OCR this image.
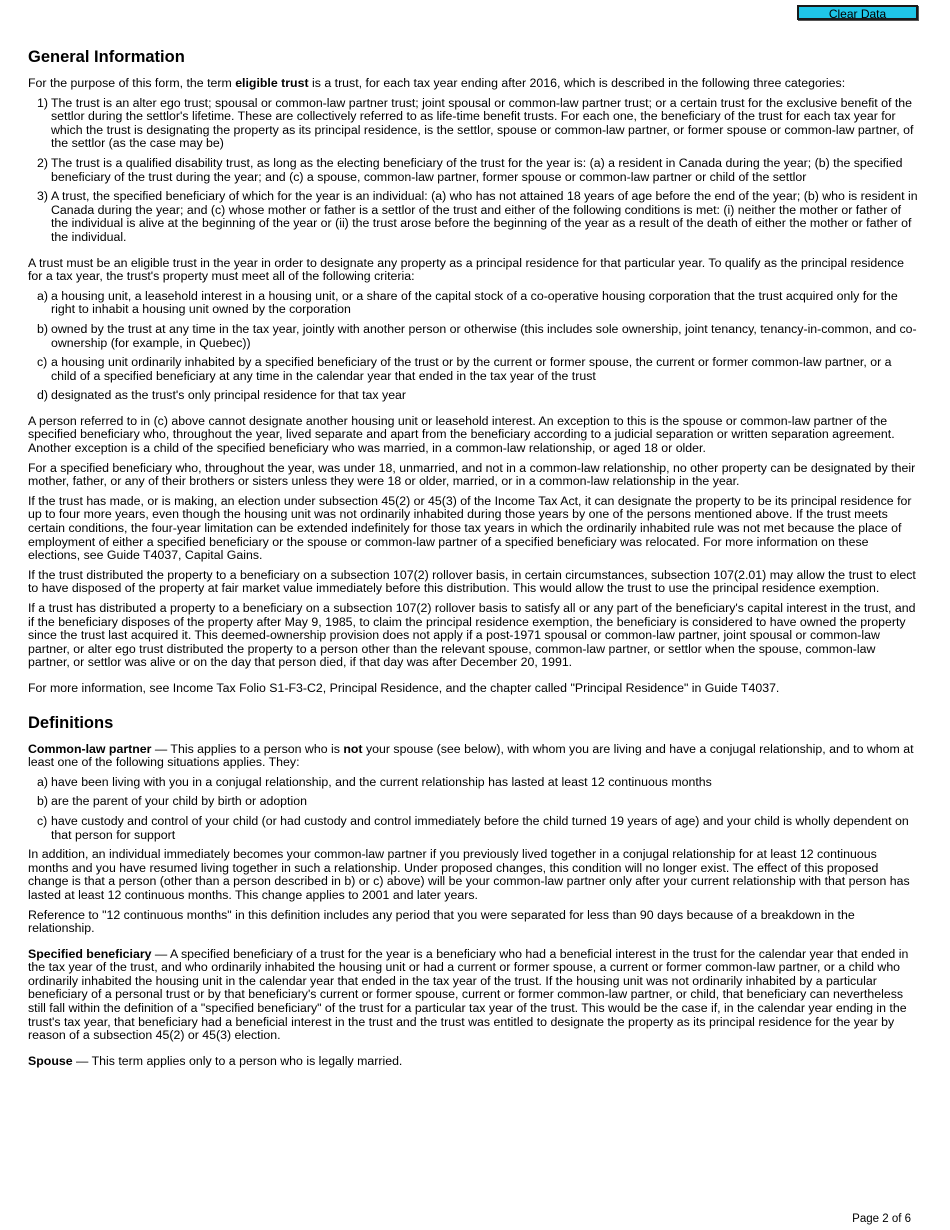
Clear Data
General Information

For the purpose of this form, the term eligible trust is a trust, for each tax year ending after 2016, which is described in the following three categories:

1) The trust is an alter ego trust; spousal or common-law partner trust; joint spousal or common-law partner trust; or a certain trust for the exclusive benefit of the settlor during the settlor's lifetime. These are collectively referred to as life-time benefit trusts. For each one, the beneficiary of the trust for each tax year for which the trust is designating the property as its principal residence, is the settlor, spouse or common-law partner, or former spouse or common-law partner, of the settlor (as the case may be)
2) The trust is a qualified disability trust, as long as the electing beneficiary of the trust for the year is: (a) a resident in Canada during the year; (b) the specified beneficiary of the trust during the year; and (c) a spouse, common-law partner, former spouse or common-law partner or child of the settlor
3) A trust, the specified beneficiary of which for the year is an individual: (a) who has not attained 18 years of age before the end of the year; (b) who is resident in Canada during the year; and (c) whose mother or father is a settlor of the trust and either of the following conditions is met: (i) neither the mother or father of the individual is alive at the beginning of the year or (ii) the trust arose before the beginning of the year as a result of the death of either the mother or father of the individual.

A trust must be an eligible trust in the year in order to designate any property as a principal residence for that particular year. To qualify as the principal residence for a tax year, the trust's property must meet all of the following criteria:

a) a housing unit, a leasehold interest in a housing unit, or a share of the capital stock of a co-operative housing corporation that the trust acquired only for the right to inhabit a housing unit owned by the corporation
b) owned by the trust at any time in the tax year, jointly with another person or otherwise (this includes sole ownership, joint tenancy, tenancy-in-common, and co-ownership (for example, in Quebec))
c) a housing unit ordinarily inhabited by a specified beneficiary of the trust or by the current or former spouse, the current or former common-law partner, or a child of a specified beneficiary at any time in the calendar year that ended in the tax year of the trust
d) designated as the trust's only principal residence for that tax year

A person referred to in (c) above cannot designate another housing unit or leasehold interest. An exception to this is the spouse or common-law partner of the specified beneficiary who, throughout the year, lived separate and apart from the beneficiary according to a judicial separation or written separation agreement. Another exception is a child of the specified beneficiary who was married, in a common-law relationship, or aged 18 or older.

For a specified beneficiary who, throughout the year, was under 18, unmarried, and not in a common-law relationship, no other property can be designated by their mother, father, or any of their brothers or sisters unless they were 18 or older, married, or in a common-law relationship in the year.

If the trust has made, or is making, an election under subsection 45(2) or 45(3) of the Income Tax Act, it can designate the property to be its principal residence for up to four more years, even though the housing unit was not ordinarily inhabited during those years by one of the persons mentioned above. If the trust meets certain conditions, the four-year limitation can be extended indefinitely for those tax years in which the ordinarily inhabited rule was not met because the place of employment of either a specified beneficiary or the spouse or common-law partner of a specified beneficiary was relocated. For more information on these elections, see Guide T4037, Capital Gains.

If the trust distributed the property to a beneficiary on a subsection 107(2) rollover basis, in certain circumstances, subsection 107(2.01) may allow the trust to elect to have disposed of the property at fair market value immediately before this distribution. This would allow the trust to use the principal residence exemption.

If a trust has distributed a property to a beneficiary on a subsection 107(2) rollover basis to satisfy all or any part of the beneficiary's capital interest in the trust, and if the beneficiary disposes of the property after May 9, 1985, to claim the principal residence exemption, the beneficiary is considered to have owned the property since the trust last acquired it. This deemed-ownership provision does not apply if a post-1971 spousal or common-law partner, joint spousal or common-law partner, or alter ego trust distributed the property to a person other than the relevant spouse, common-law partner, or settlor when the spouse, common-law partner, or settlor was alive or on the day that person died, if that day was after December 20, 1991.

For more information, see Income Tax Folio S1-F3-C2, Principal Residence, and the chapter called "Principal Residence" in Guide T4037.

Definitions

Common-law partner — This applies to a person who is not your spouse (see below), with whom you are living and have a conjugal relationship, and to whom at least one of the following situations applies. They:

a) have been living with you in a conjugal relationship, and the current relationship has lasted at least 12 continuous months
b) are the parent of your child by birth or adoption
c) have custody and control of your child (or had custody and control immediately before the child turned 19 years of age) and your child is wholly dependent on that person for support

In addition, an individual immediately becomes your common-law partner if you previously lived together in a conjugal relationship for at least 12 continuous months and you have resumed living together in such a relationship. Under proposed changes, this condition will no longer exist. The effect of this proposed change is that a person (other than a person described in b) or c) above) will be your common-law partner only after your current relationship with that person has lasted at least 12 continuous months. This change applies to 2001 and later years.

Reference to "12 continuous months" in this definition includes any period that you were separated for less than 90 days because of a breakdown in the relationship.

Specified beneficiary — A specified beneficiary of a trust for the year is a beneficiary who had a beneficial interest in the trust for the calendar year that ended in the tax year of the trust, and who ordinarily inhabited the housing unit or had a current or former spouse, a current or former common-law partner, or a child who ordinarily inhabited the housing unit in the calendar year that ended in the tax year of the trust. If the housing unit was not ordinarily inhabited by a particular beneficiary of a personal trust or by that beneficiary's current or former spouse, current or former common-law partner, or child, that beneficiary can nevertheless still fall within the definition of a "specified beneficiary" of the trust for a particular tax year of the trust. This would be the case if, in the calendar year ending in the trust's tax year, that beneficiary had a beneficial interest in the trust and the trust was entitled to designate the property as its principal residence for the year by reason of a subsection 45(2) or 45(3) election.

Spouse — This term applies only to a person who is legally married.

Page 2 of 6
